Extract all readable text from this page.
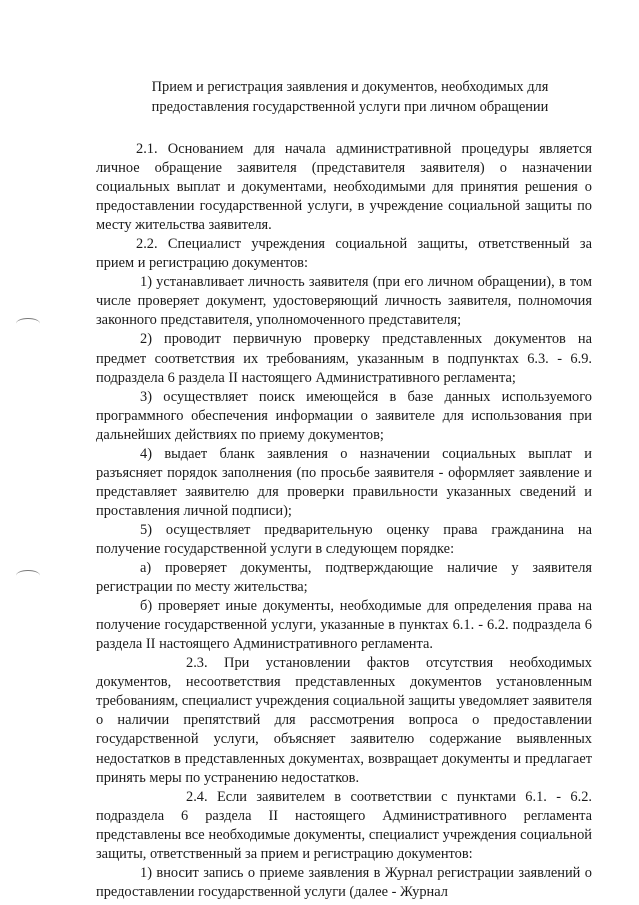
Прием и регистрация заявления и документов, необходимых для
предоставления государственной услуги при личном обращении
2.1. Основанием для начала административной процедуры является личное обращение заявителя (представителя заявителя) о назначении социальных выплат и документами, необходимыми для принятия решения о предоставлении государственной услуги, в учреждение социальной защиты по месту жительства заявителя.
2.2. Специалист учреждения социальной защиты, ответственный за прием и регистрацию документов:
1) устанавливает личность заявителя (при его личном обращении), в том числе проверяет документ, удостоверяющий личность заявителя, полномочия законного представителя, уполномоченного представителя;
2) проводит первичную проверку представленных документов на предмет соответствия их требованиям, указанным в подпунктах 6.3. - 6.9. подраздела 6 раздела II настоящего Административного регламента;
3) осуществляет поиск имеющейся в базе данных используемого программного обеспечения информации о заявителе для использования при дальнейших действиях по приему документов;
4) выдает бланк заявления о назначении социальных выплат и разъясняет порядок заполнения (по просьбе заявителя - оформляет заявление и представляет заявителю для проверки правильности указанных сведений и проставления личной подписи);
5) осуществляет предварительную оценку права гражданина на получение государственной услуги в следующем порядке:
а) проверяет документы, подтверждающие наличие у заявителя регистрации по месту жительства;
б) проверяет иные документы, необходимые для определения права на получение государственной услуги, указанные в пунктах 6.1. - 6.2. подраздела 6 раздела II настоящего Административного регламента.
2.3. При установлении фактов отсутствия необходимых документов, несоответствия представленных документов установленным требованиям, специалист учреждения социальной защиты уведомляет заявителя о наличии препятствий для рассмотрения вопроса о предоставлении государственной услуги, объясняет заявителю содержание выявленных недостатков в представленных документах, возвращает документы и предлагает принять меры по устранению недостатков.
2.4. Если заявителем в соответствии с пунктами 6.1. - 6.2. подраздела 6 раздела II настоящего Административного регламента представлены все необходимые документы, специалист учреждения социальной защиты, ответственный за прием и регистрацию документов:
1) вносит запись о приеме заявления в Журнал регистрации заявлений о предоставлении государственной услуги (далее - Журнал
